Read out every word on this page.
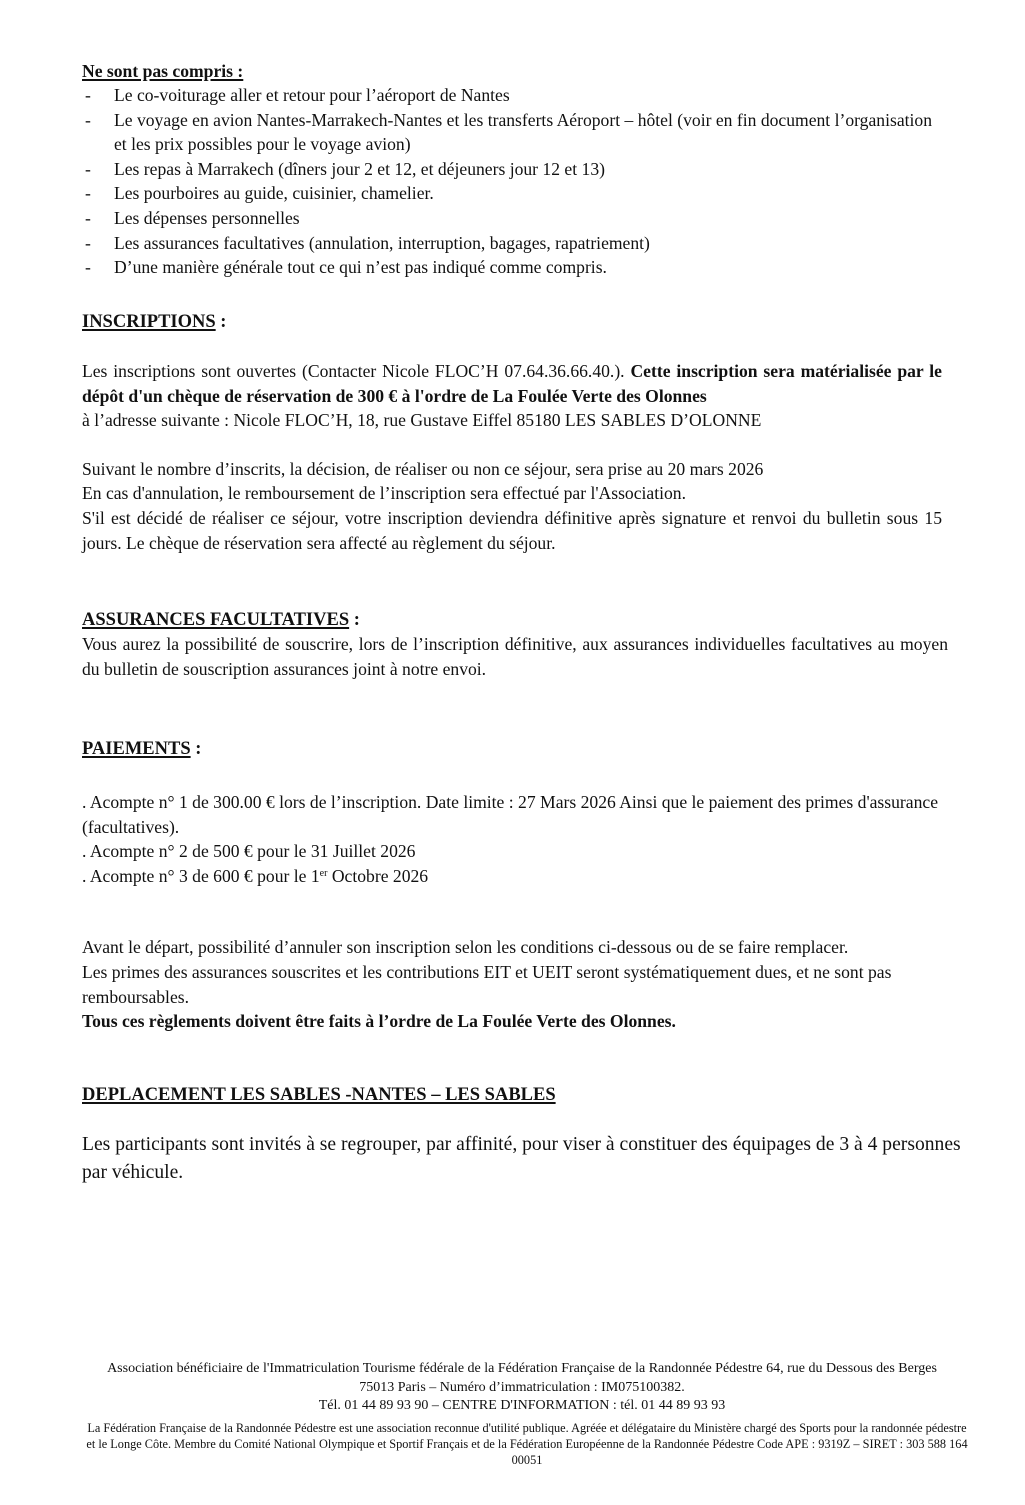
Ne sont pas compris :
- Le co-voiturage aller et retour pour l’aéroport de Nantes
- Le voyage en avion Nantes-Marrakech-Nantes et les transferts Aéroport – hôtel (voir en fin document l’organisation et les prix possibles pour le voyage avion)
- Les repas à Marrakech (dîners jour 2 et 12, et déjeuners jour 12 et 13)
- Les pourboires au guide, cuisinier, chamelier.
- Les dépenses personnelles
- Les assurances facultatives (annulation, interruption, bagages, rapatriement)
- D’une manière générale tout ce qui n’est pas indiqué comme compris.
INSCRIPTIONS :

Les inscriptions sont ouvertes (Contacter Nicole FLOC’H 07.64.36.66.40.). Cette inscription sera matérialisée par le dépôt d'un chèque de réservation de 300 € à l'ordre de La Foulée Verte des Olonnes
à l’adresse suivante : Nicole FLOC’H, 18, rue Gustave Eiffel 85180 LES SABLES D’OLONNE

Suivant le nombre d’inscrits, la décision, de réaliser ou non ce séjour, sera prise au 20 mars 2026
En cas d'annulation, le remboursement de l’inscription sera effectué par l'Association.

S'il est décidé de réaliser ce séjour, votre inscription deviendra définitive après signature et renvoi du bulletin sous 15 jours. Le chèque de réservation sera affecté au règlement du séjour.

ASSURANCES FACULTATIVES :

Vous aurez la possibilité de souscrire, lors de l’inscription définitive, aux assurances individuelles facultatives au moyen du bulletin de souscription assurances joint à notre envoi.

PAIEMENTS :

. Acompte n° 1 de 300.00 € lors de l’inscription. Date limite : 27 Mars 2026 Ainsi que le paiement des primes d'assurance (facultatives).
. Acompte n° 2 de 500 € pour le 31 Juillet 2026
. Acompte n° 3 de 600 € pour le 1er Octobre 2026

Avant le départ, possibilité d’annuler son inscription selon les conditions ci-dessous ou de se faire remplacer.
Les primes des assurances souscrites et les contributions EIT et UEIT seront systématiquement dues, et ne sont pas remboursables.
Tous ces règlements doivent être faits à l’ordre de La Foulée Verte des Olonnes.

DEPLACEMENT LES SABLES -NANTES – LES SABLES

Les participants sont invités à se regrouper, par affinité, pour viser à constituer des équipages de 3 à 4 personnes par véhicule.

Association bénéficiaire de l'Immatriculation Tourisme fédérale de la Fédération Française de la Randonnée Pédestre 64, rue du Dessous des Berges 75013 Paris – Numéro d’immatriculation : IM075100382.
Tél. 01 44 89 93 90 – CENTRE D'INFORMATION : tél. 01 44 89 93 93
La Fédération Française de la Randonnée Pédestre est une association reconnue d'utilité publique. Agréée et délégataire du Ministère chargé des Sports pour la randonnée pédestre et le Longe Côte. Membre du Comité National Olympique et Sportif Français et de la Fédération Européenne de la Randonnée Pédestre Code APE : 9319Z – SIRET : 303 588 164 00051
